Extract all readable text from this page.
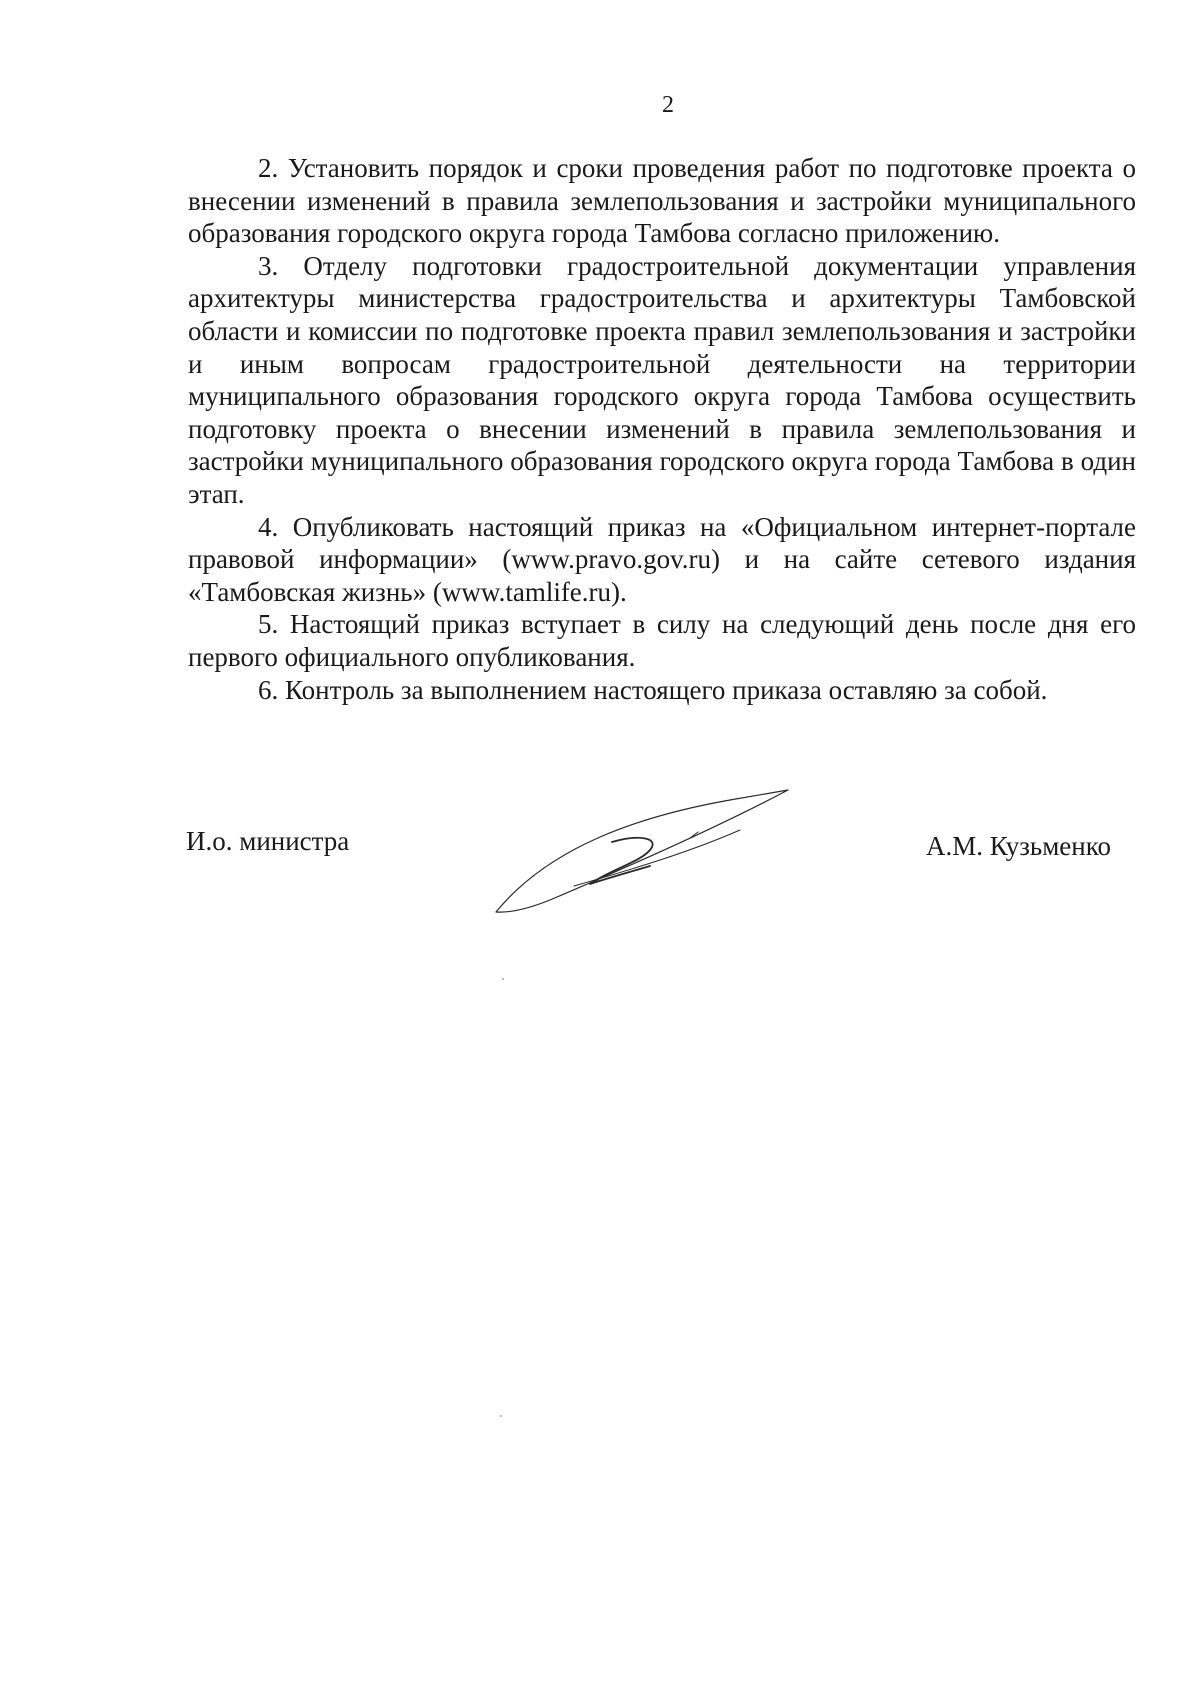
2

2. Установить порядок и сроки проведения работ по подготовке проекта о внесении изменений в правила землепользования и застройки муниципального образования городского округа города Тамбова согласно приложению.

3. Отделу подготовки градостроительной документации управления архитектуры министерства градостроительства и архитектуры Тамбовской области и комиссии по подготовке проекта правил землепользования и застройки и иным вопросам градостроительной деятельности на территории муниципального образования городского округа города Тамбова осуществить подготовку проекта о внесении изменений в правила землепользования и застройки муниципального образования городского округа города Тамбова в один этап.

4. Опубликовать настоящий приказ на «Официальном интернет-портале правовой информации» (www.pravo.gov.ru) и на сайте сетевого издания «Тамбовская жизнь» (www.tamlife.ru).

5. Настоящий приказ вступает в силу на следующий день после дня его первого официального опубликования.

6. Контроль за выполнением настоящего приказа оставляю за собой.

И.о. министра	А.М. Кузьменко
